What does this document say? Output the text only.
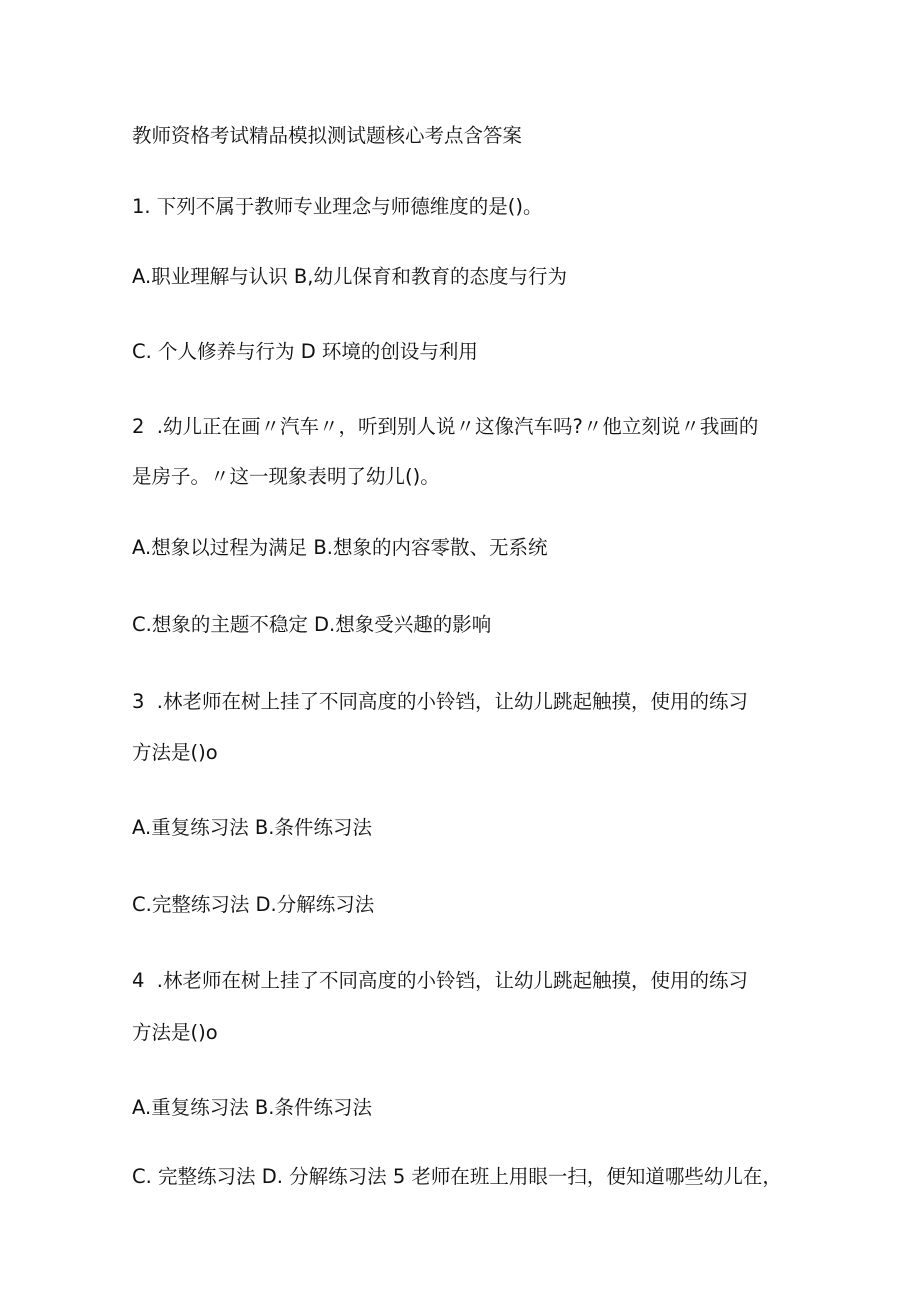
教师资格考试精品模拟测试题核心考点含答案
1. 下列不属于教师专业理念与师德维度的是()。
A.职业理解与认识 B,幼儿保育和教育的态度与行为
C. 个人修养与行为 D 环境的创设与利用
2  .幼儿正在画〃汽车〃，听到别人说〃这像汽车吗?〃他立刻说〃我画的
是房子。〃这一现象表明了幼儿()。
A.想象以过程为满足 B.想象的内容零散、无系统
C.想象的主题不稳定 D.想象受兴趣的影响
3  .林老师在树上挂了不同高度的小铃铛，让幼儿跳起触摸，使用的练习
方法是()o
A.重复练习法 B.条件练习法
C.完整练习法 D.分解练习法
4  .林老师在树上挂了不同高度的小铃铛，让幼儿跳起触摸，使用的练习
方法是()o
A.重复练习法 B.条件练习法
C. 完整练习法 D. 分解练习法 5 老师在班上用眼一扫，便知道哪些幼儿在，
